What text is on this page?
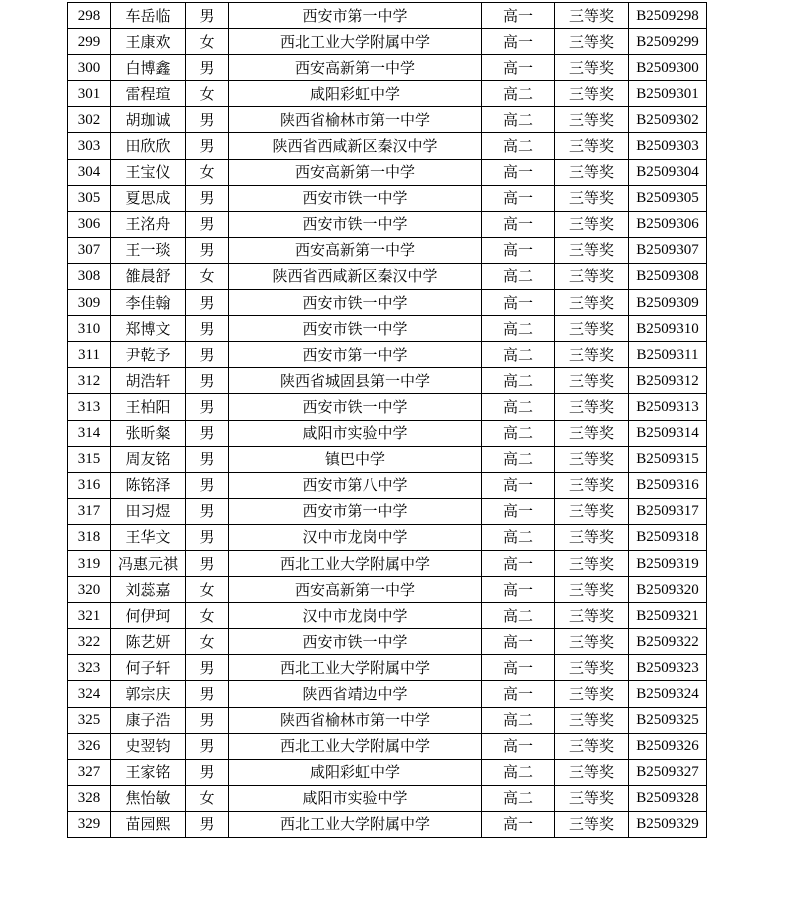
298	车岳临	男	西安市第一中学	高一	三等奖	B2509298
299	王康欢	女	西北工业大学附属中学	高一	三等奖	B2509299
300	白博鑫	男	西安高新第一中学	高一	三等奖	B2509300
301	雷程瑄	女	咸阳彩虹中学	高二	三等奖	B2509301
302	胡珈诚	男	陕西省榆林市第一中学	高二	三等奖	B2509302
303	田欣欣	男	陕西省西咸新区秦汉中学	高二	三等奖	B2509303
304	王宝仪	女	西安高新第一中学	高一	三等奖	B2509304
305	夏思成	男	西安市铁一中学	高一	三等奖	B2509305
306	王洺舟	男	西安市铁一中学	高一	三等奖	B2509306
307	王一琰	男	西安高新第一中学	高一	三等奖	B2509307
308	雒晨舒	女	陕西省西咸新区秦汉中学	高二	三等奖	B2509308
309	李佳翰	男	西安市铁一中学	高一	三等奖	B2509309
310	郑博文	男	西安市铁一中学	高二	三等奖	B2509310
311	尹乾予	男	西安市第一中学	高二	三等奖	B2509311
312	胡浩轩	男	陕西省城固县第一中学	高二	三等奖	B2509312
313	王柏阳	男	西安市铁一中学	高二	三等奖	B2509313
314	张昕粲	男	咸阳市实验中学	高二	三等奖	B2509314
315	周友铭	男	镇巴中学	高二	三等奖	B2509315
316	陈铭泽	男	西安市第八中学	高一	三等奖	B2509316
317	田习煜	男	西安市第一中学	高一	三等奖	B2509317
318	王华文	男	汉中市龙岗中学	高二	三等奖	B2509318
319	冯惠元祺	男	西北工业大学附属中学	高一	三等奖	B2509319
320	刘蕊嘉	女	西安高新第一中学	高一	三等奖	B2509320
321	何伊珂	女	汉中市龙岗中学	高二	三等奖	B2509321
322	陈艺妍	女	西安市铁一中学	高一	三等奖	B2509322
323	何子轩	男	西北工业大学附属中学	高一	三等奖	B2509323
324	郭宗庆	男	陕西省靖边中学	高一	三等奖	B2509324
325	康子浩	男	陕西省榆林市第一中学	高二	三等奖	B2509325
326	史翌钧	男	西北工业大学附属中学	高一	三等奖	B2509326
327	王家铭	男	咸阳彩虹中学	高二	三等奖	B2509327
328	焦怡敏	女	咸阳市实验中学	高二	三等奖	B2509328
329	苗园熙	男	西北工业大学附属中学	高一	三等奖	B2509329
